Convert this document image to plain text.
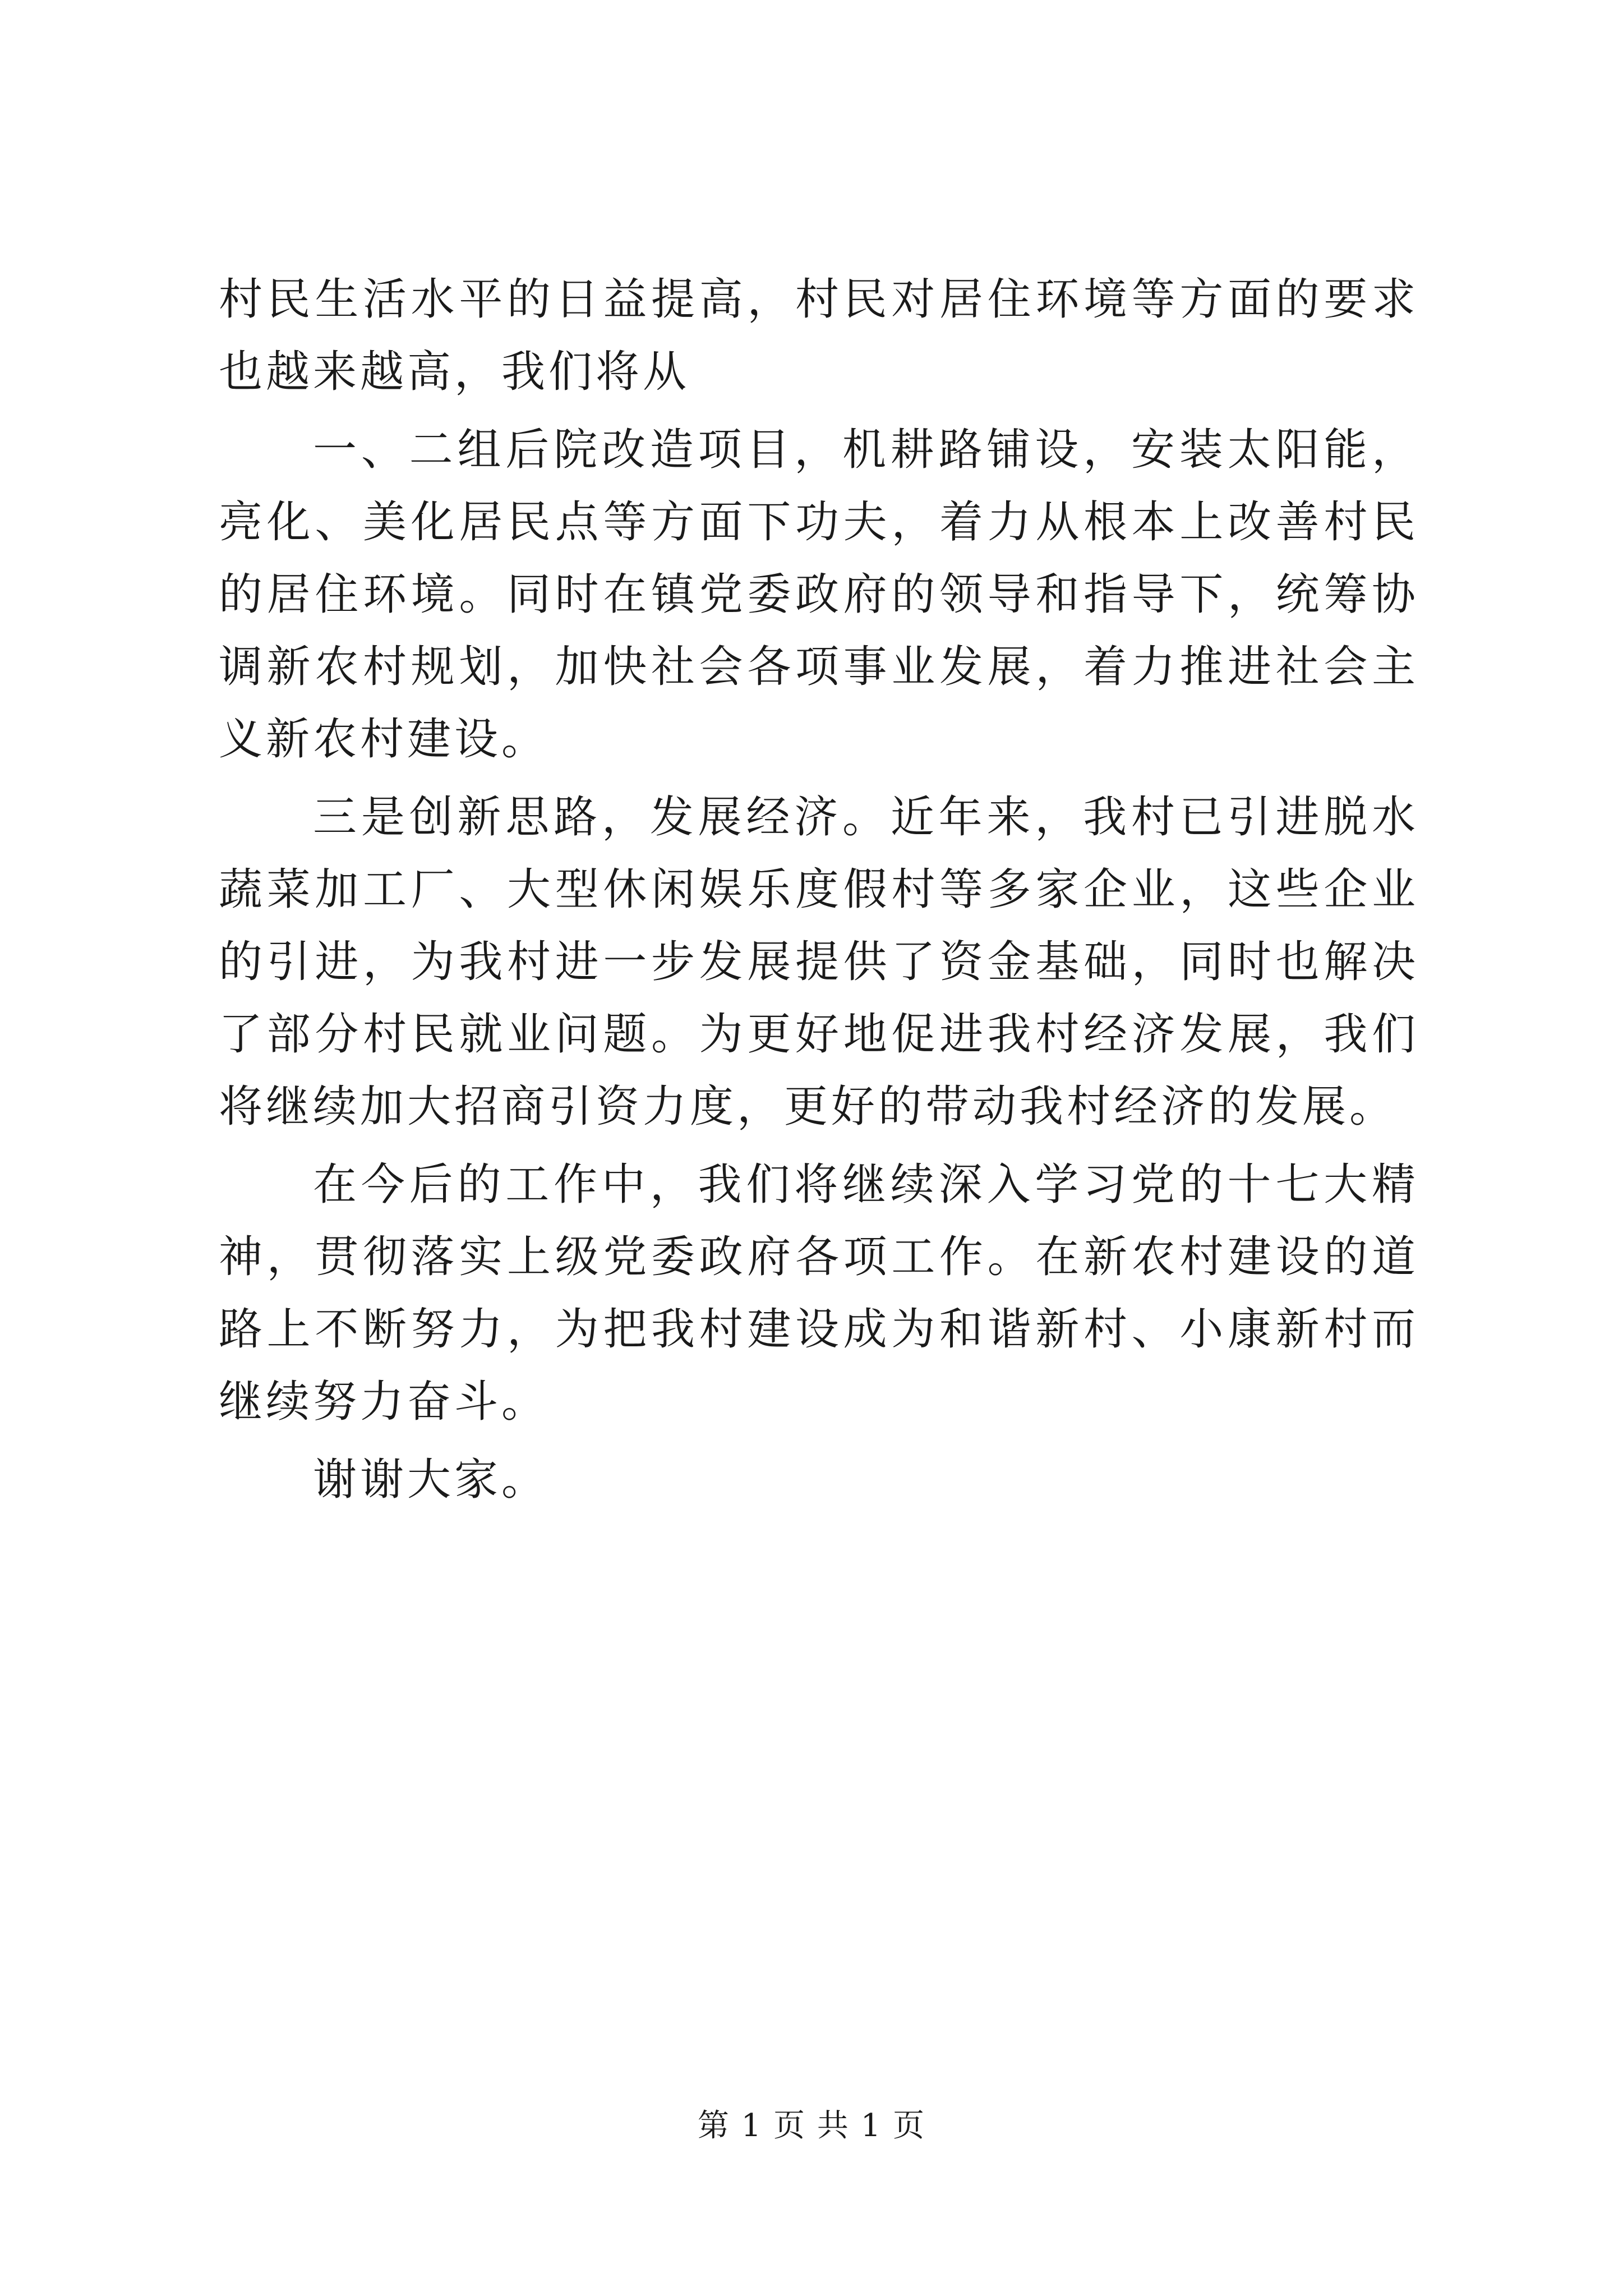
村民生活水平的日益提高，村民对居住环境等方面的要求也越来越高，我们将从

一、二组后院改造项目，机耕路铺设，安装太阳能，亮化、美化居民点等方面下功夫，着力从根本上改善村民的居住环境。同时在镇党委政府的领导和指导下，统筹协调新农村规划，加快社会各项事业发展，着力推进社会主义新农村建设。

三是创新思路，发展经济。近年来，我村已引进脱水蔬菜加工厂、大型休闲娱乐度假村等多家企业，这些企业的引进，为我村进一步发展提供了资金基础，同时也解决了部分村民就业问题。为更好地促进我村经济发展，我们将继续加大招商引资力度，更好的带动我村经济的发展。

在今后的工作中，我们将继续深入学习党的十七大精神，贯彻落实上级党委政府各项工作。在新农村建设的道路上不断努力，为把我村建设成为和谐新村、小康新村而继续努力奋斗。

谢谢大家。

第 1 页 共 1 页
